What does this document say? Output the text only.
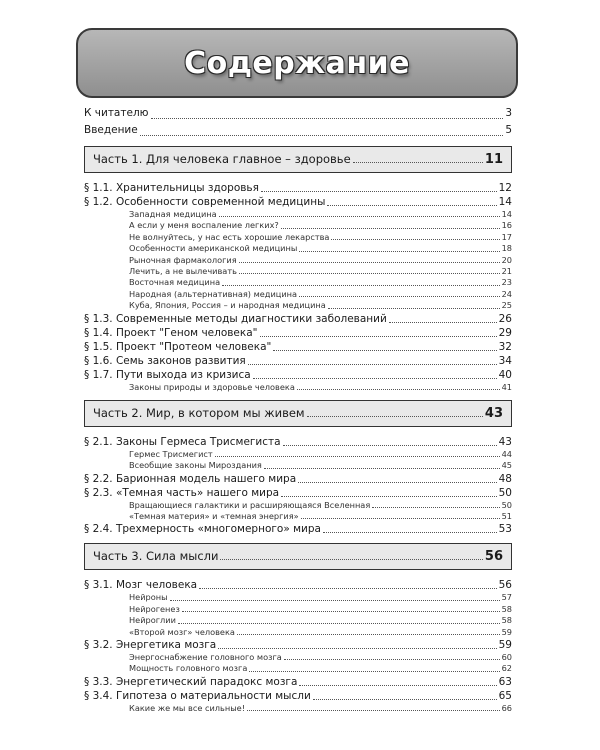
Содержание
К читателю	3
Введение	5
Часть 1. Для человека главное – здоровье	11
§ 1.1. Хранительницы здоровья	12
§ 1.2. Особенности современной медицины	14
Западная медицина	14
А если у меня воспаление легких?	16
Не волнуйтесь, у нас есть хорошие лекарства	17
Особенности американской медицины	18
Рыночная фармакология	20
Лечить, а не вылечивать	21
Восточная медицина	23
Народная (альтернативная) медицина	24
Куба, Япония, Россия – и народная медицина	25
§ 1.3. Современные методы диагностики заболеваний	26
§ 1.4. Проект "Геном человека"	29
§ 1.5. Проект "Протеом человека"	32
§ 1.6. Семь законов развития	34
§ 1.7. Пути выхода из кризиса	40
Законы природы и здоровье человека	41
Часть 2. Мир, в котором мы живем	43
§ 2.1. Законы Гермеса Трисмегиста	43
Гермес Трисмегист	44
Всеобщие законы Мироздания	45
§ 2.2. Барионная модель нашего мира	48
§ 2.3. «Темная часть» нашего мира	50
Вращающиеся галактики и расширяющаяся Вселенная	50
«Темная материя» и «темная энергия»	51
§ 2.4. Трехмерность «многомерного» мира	53
Часть 3. Сила мысли	56
§ 3.1. Мозг человека	56
Нейроны	57
Нейрогенез	58
Нейроглии	58
«Второй мозг» человека	59
§ 3.2. Энергетика мозга	59
Энергоснабжение головного мозга	60
Мощность головного мозга	62
§ 3.3. Энергетический парадокс мозга	63
§ 3.4. Гипотеза о материальности мысли	65
Какие же мы все сильные!	66
